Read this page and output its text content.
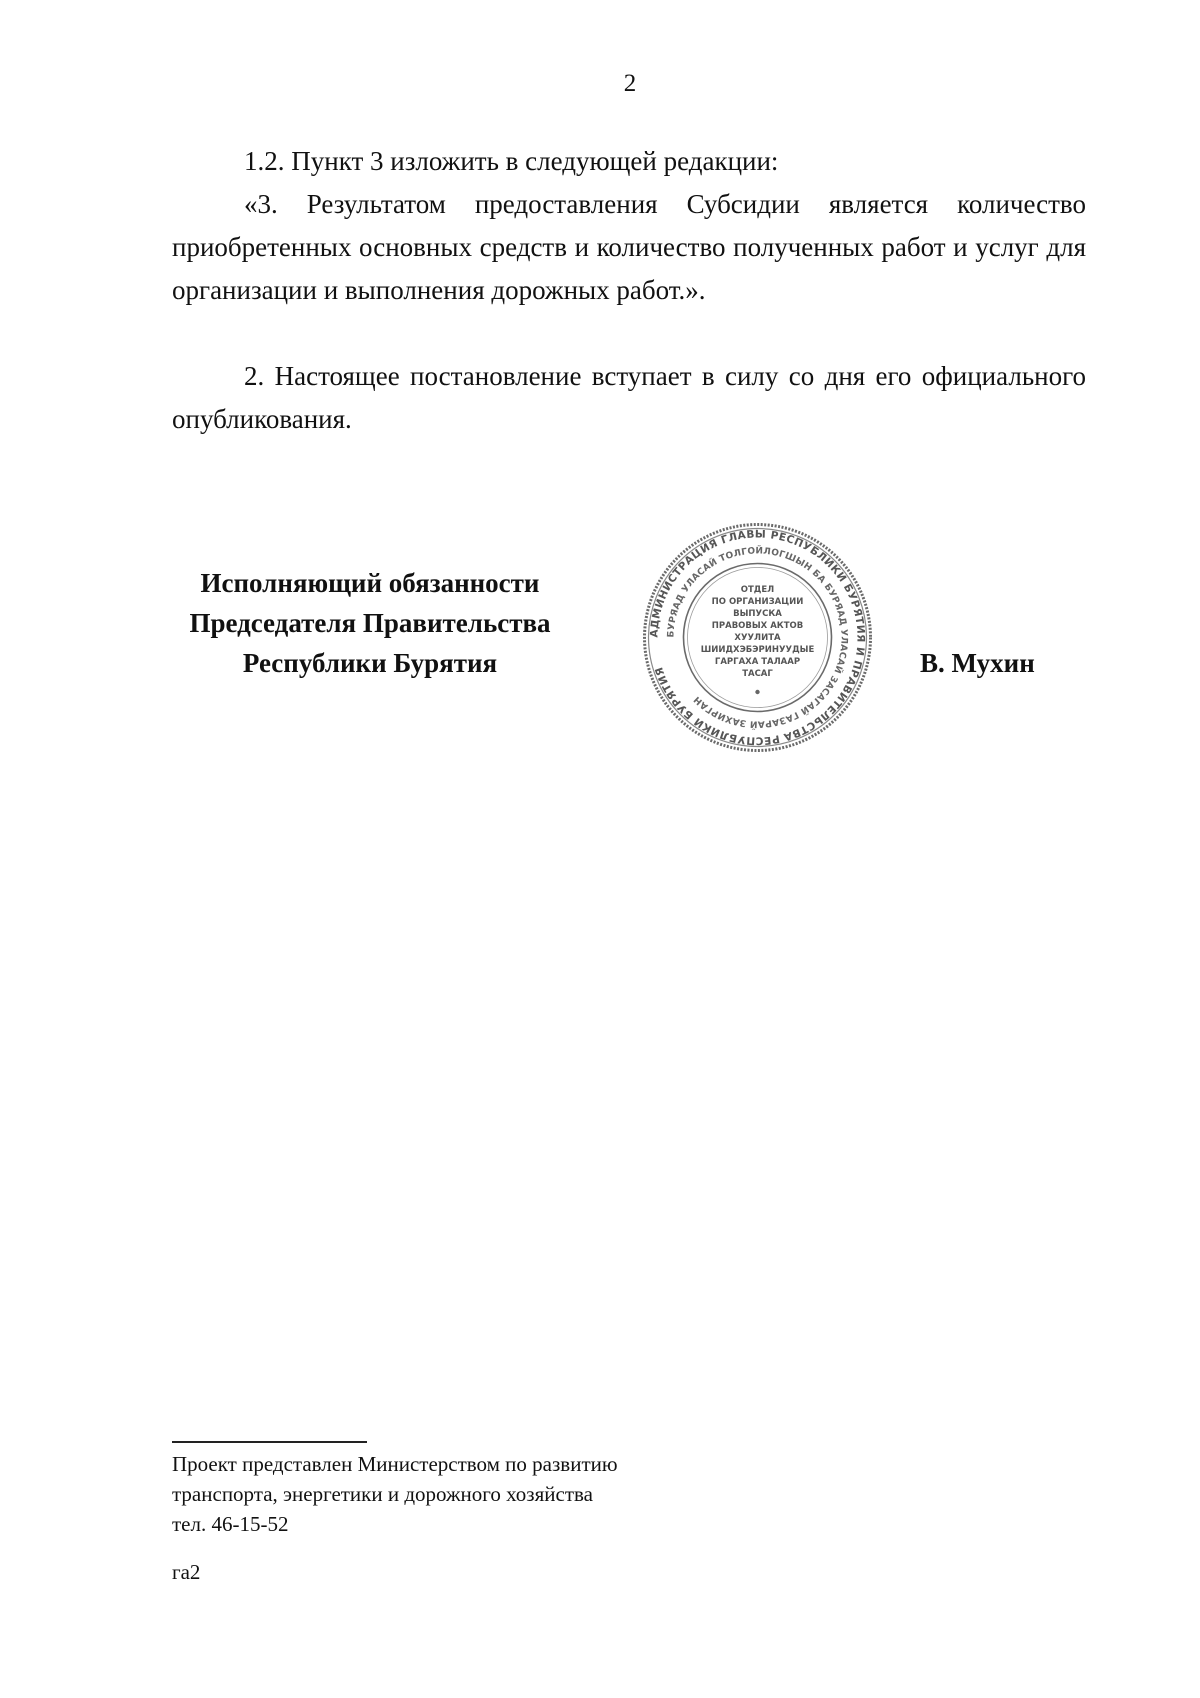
2

1.2. Пункт 3 изложить в следующей редакции:

«3. Результатом предоставления Субсидии является количество приобретенных основных средств и количество полученных работ и услуг для организации и выполнения дорожных работ.».

2. Настоящее постановление вступает в силу со дня его официального опубликования.

Исполняющий обязанности
Председателя Правительства
Республики Бурятия
АДМИНИСТРАЦИЯ ГЛАВЫ РЕСПУБЛИКИ БУРЯТИЯ И ПРАВИТЕЛЬСТВА РЕСПУБЛИКИ БУРЯТИЯ
БУРЯАД УЛАСАЙ ТОЛГОЙЛОГШЫН БА БУРЯАД УЛАСАЙ ЗАСАГАЙ ГАЗАРАЙ ЗАХИРГАН
ОТДЕЛ
ПО ОРГАНИЗАЦИИ
ВЫПУСКА
ПРАВОВЫХ АКТОВ
ХУУЛИТА
ШИИДХЭБЭРИНУУДЫЕ
ГАРГАХА ТАЛААР
ТАСАГ	В. Мухин
Проект представлен Министерством по развитию
транспорта, энергетики и дорожного хозяйства
тел. 46-15-52
га2
